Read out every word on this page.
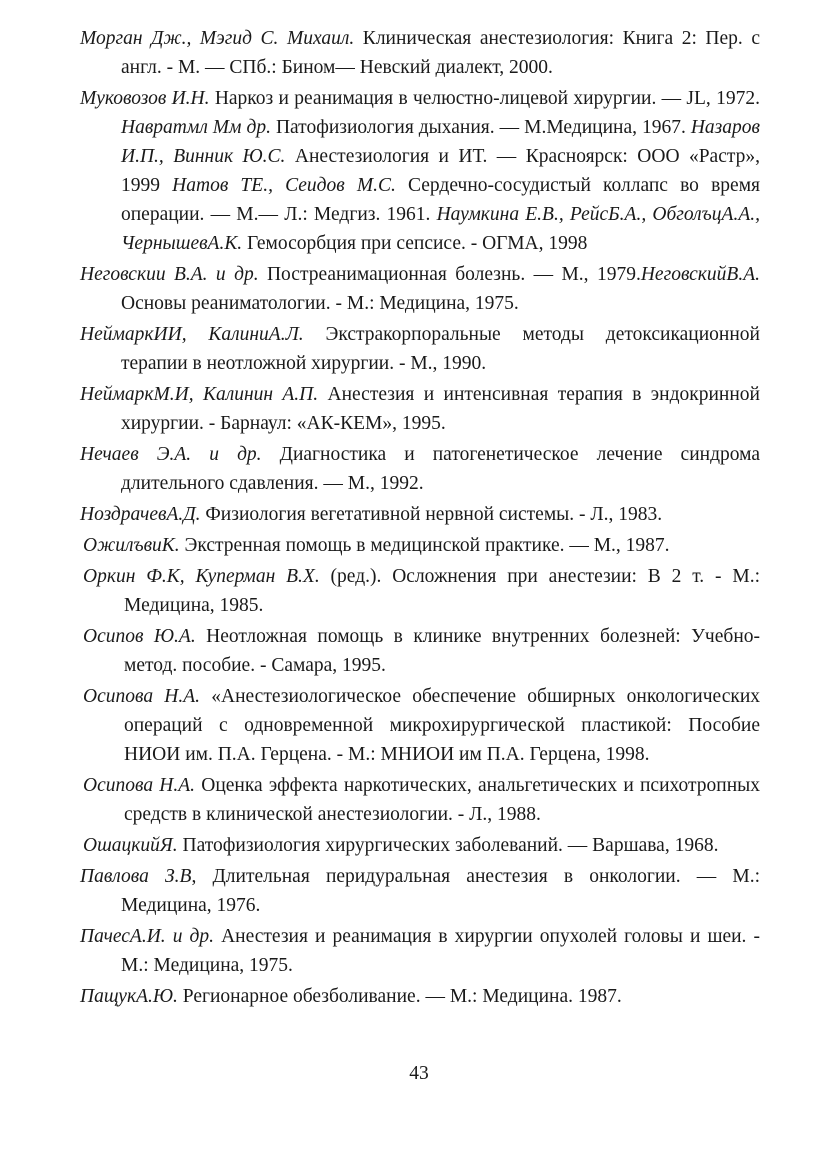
Морган Дж., Мэгид С. Михаил. Клиническая анестезиология: Книга 2: Пер. с англ. - М. — СПб.: Бином— Невский диалект, 2000.

Муковозов И.Н. Наркоз и реанимация в челюстно-лицевой хирургии. — JL, 1972. Навратмл Мм др. Патофизиология дыхания. — М.Медицина, 1967. Назаров И.П., Винник Ю.С. Анестезиология и ИТ. — Красноярск: ООО «Растр», 1999 Натов ТЕ., Сеидов М.С. Сердечно-сосудистый коллапс во время операции. — М.— Л.: Медгиз. 1961. Наумкина Е.В., РейсБ.А., ОбголъцА.А., ЧернышевА.К. Гемосорбция при сепсисе. - ОГМА, 1998

Неговскии В.А. и др. Постреанимационная болезнь. — М., 1979.НеговскийВ.А. Основы реаниматологии. - М.: Медицина, 1975.

НеймаркИИ, КалиниА.Л. Экстракорпоральные методы детоксикационной терапии в неотложной хирургии. - М., 1990.

НеймаркМ.И, Калинин А.П. Анестезия и интенсивная терапия в эндокринной хирургии. - Барнаул: «АК-КЕМ», 1995.

Нечаев Э.А. и др. Диагностика и патогенетическое лечение синдрома длительного сдавления. — М., 1992.

НоздрачевА.Д. Физиология вегетативной нервной системы. - Л., 1983.

ОжилъвиК. Экстренная помощь в медицинской практике. — М., 1987.

Оркин Ф.К, Куперман В.Х. (ред.). Осложнения при анестезии: В 2 т. - М.: Медицина, 1985.

Осипов Ю.А. Неотложная помощь в клинике внутренних болезней: Учебно-метод. пособие. - Самара, 1995.

Осипова Н.А. «Анестезиологическое обеспечение обширных онкологических операций с одновременной микрохирургической пластикой: Пособие НИОИ им. П.А. Герцена. - М.: МНИОИ им П.А. Герцена, 1998.

Осипова Н.А. Оценка эффекта наркотических, анальгетических и психотропных средств в клинической анестезиологии. - Л., 1988.

ОшацкийЯ. Патофизиология хирургических заболеваний. — Варшава, 1968.

Павлова З.В, Длительная перидуральная анестезия в онкологии. — М.: Медицина, 1976.

ПачесА.И. и др. Анестезия и реанимация в хирургии опухолей головы и шеи. - М.: Медицина, 1975.

ПащукА.Ю. Регионарное обезболивание. — М.: Медицина. 1987.

43
